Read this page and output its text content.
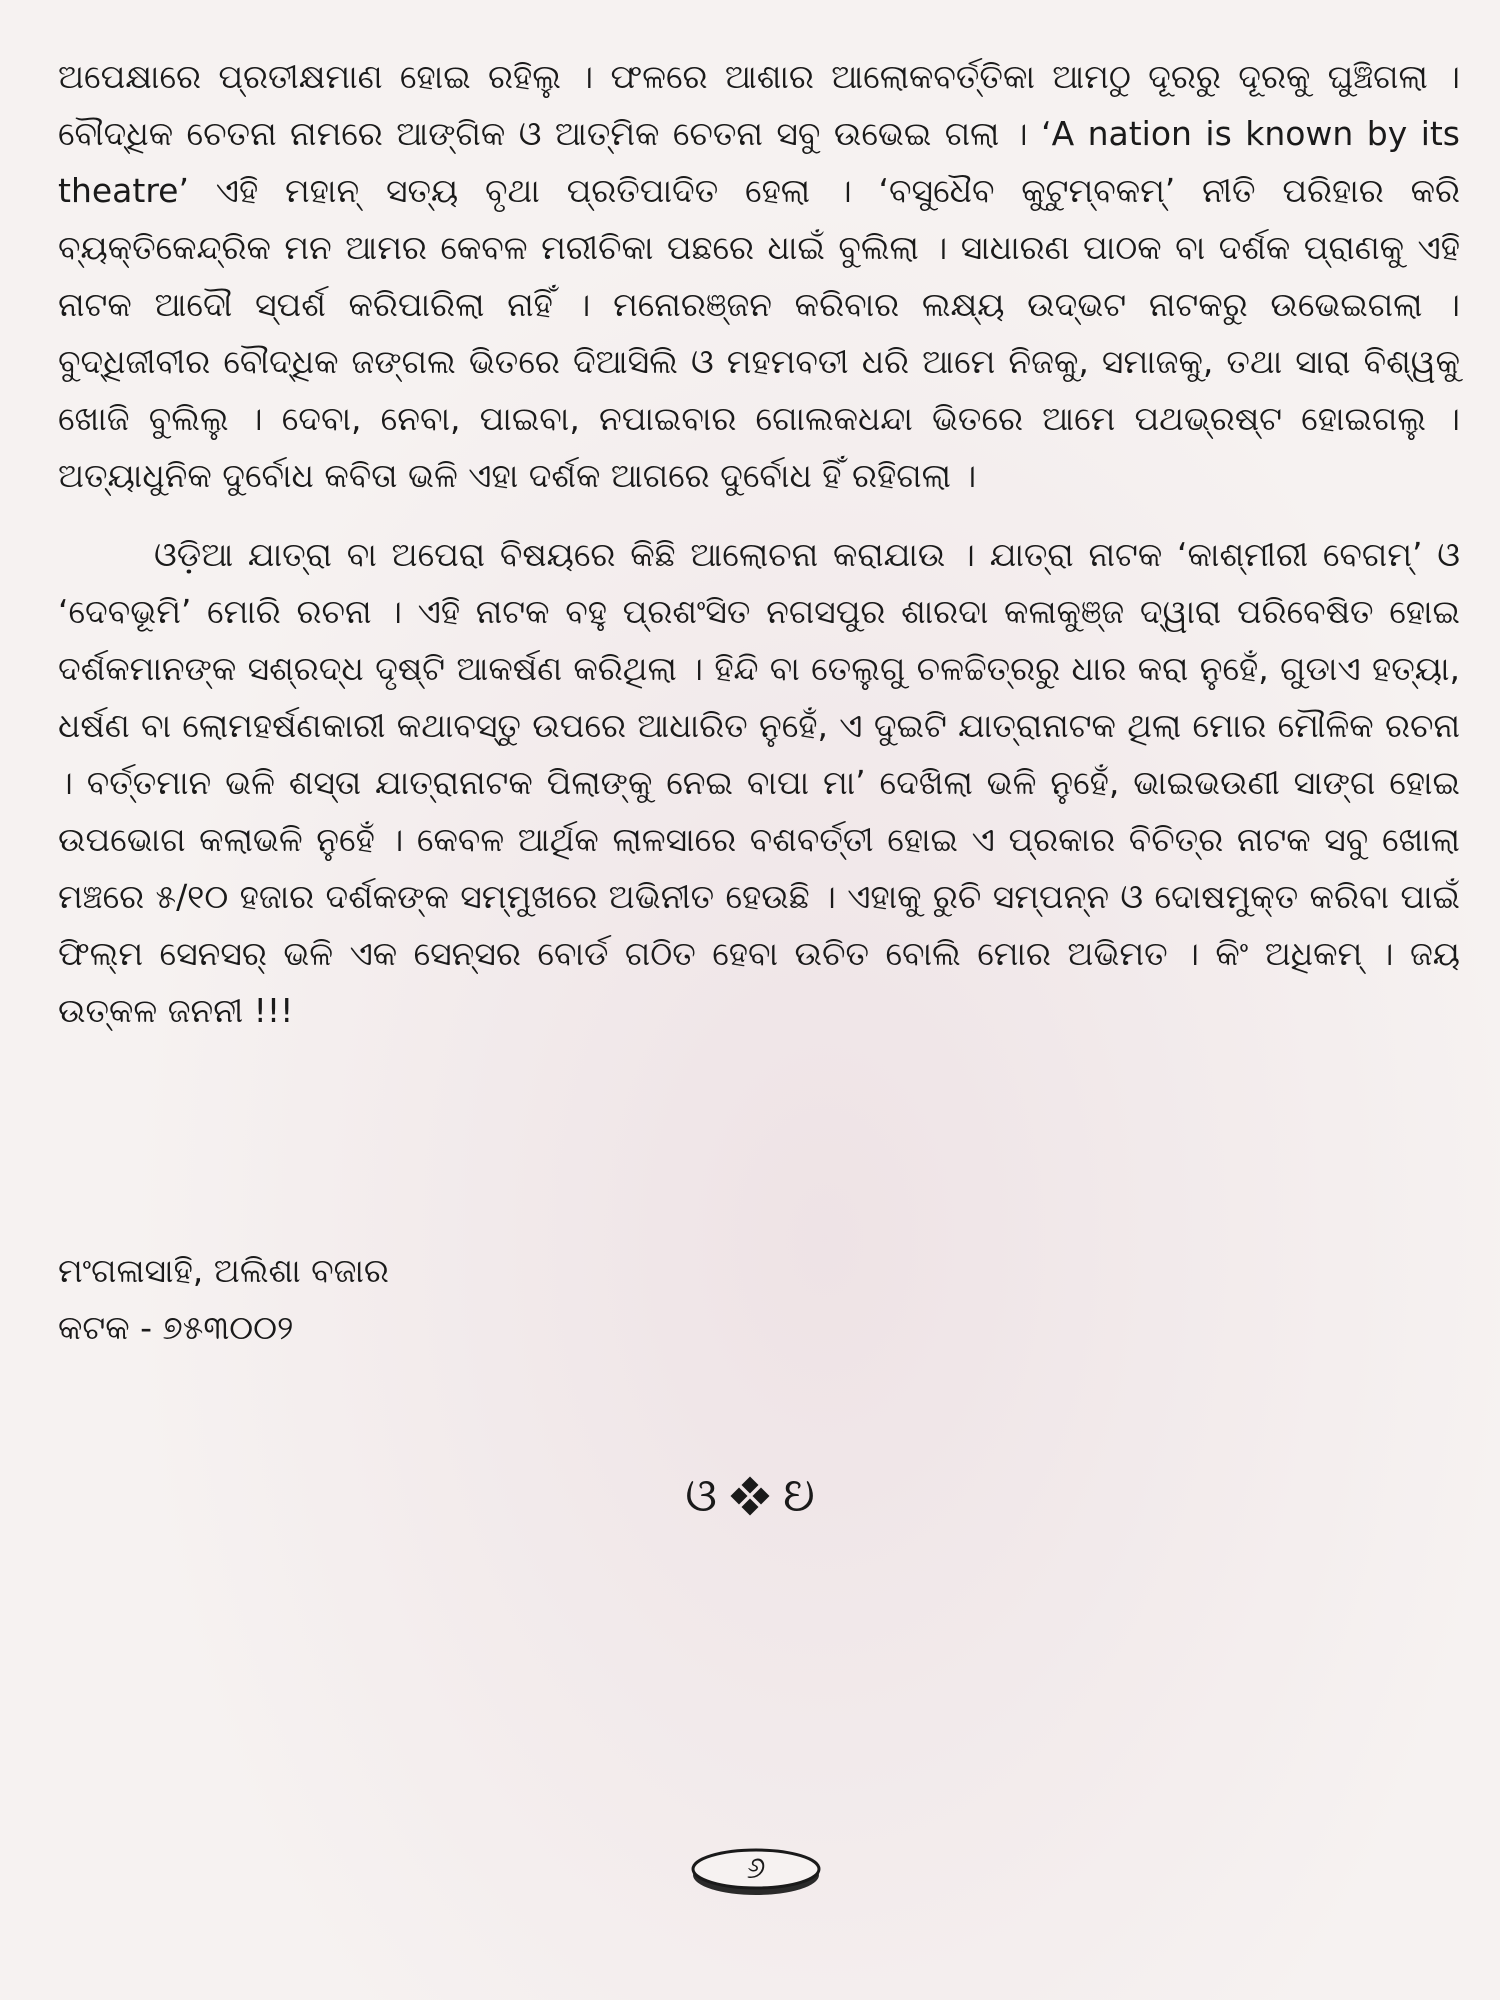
ଅପେକ୍ଷାରେ ପ୍ରତୀକ୍ଷମାଣ ହୋଇ ରହିଲୁ । ଫଳରେ ଆଶାର ଆଲୋକବର୍ତ୍ତିକା ଆମଠୁ ଦୂରରୁ ଦୂରକୁ ଘୁଞ୍ଚିଗଲା । ବୌଦ୍ଧିକ ଚେତନା ନାମରେ ଆଙ୍ଗିକ ଓ ଆତ୍ମିକ ଚେତନା ସବୁ ଉଭେଇ ଗଲା । ‘A nation is known by its theatre’ ଏହି ମହାନ୍ ସତ୍ୟ ବୃଥା ପ୍ରତିପାଦିତ ହେଲା । ‘ବସୁଧୈବ କୁଟୁମ୍ବକମ୍’ ନୀତି ପରିହାର କରି ବ୍ୟକ୍ତିକେନ୍ଦ୍ରିକ ମନ ଆମର କେବଳ ମରୀଚିକା ପଛରେ ଧାଇଁ ବୁଲିଲା । ସାଧାରଣ ପାଠକ ବା ଦର୍ଶକ ପ୍ରାଣକୁ ଏହି ନାଟକ ଆଦୌ ସ୍ପର୍ଶ କରିପାରିଲା ନାହିଁ । ମନୋରଞ୍ଜନ କରିବାର ଲକ୍ଷ୍ୟ ଉଦ୍ଭଟ ନାଟକରୁ ଉଭେଇଗଲା । ବୁଦ୍ଧିଜୀବୀର ବୌଦ୍ଧିକ ଜଙ୍ଗଲ ଭିତରେ ଦିଆସିଲି ଓ ମହମବତୀ ଧରି ଆମେ ନିଜକୁ, ସମାଜକୁ, ତଥା ସାରା ବିଶ୍ୱକୁ ଖୋଜି ବୁଲିଲୁ । ଦେବା, ନେବା, ପାଇବା, ନପାଇବାର ଗୋଲକଧନ୍ଦା ଭିତରେ ଆମେ ପଥଭ୍ରଷ୍ଟ ହୋଇଗଲୁ । ଅତ୍ୟାଧୁନିକ ଦୁର୍ବୋଧ କବିତା ଭଳି ଏହା ଦର୍ଶକ ଆଗରେ ଦୁର୍ବୋଧ ହିଁ ରହିଗଲା ।

ଓଡ଼ିଆ ଯାତ୍ରା ବା ଅପେରା ବିଷୟରେ କିଛି ଆଲୋଚନା କରାଯାଉ । ଯାତ୍ରା ନାଟକ ‘କାଶ୍ମୀରୀ ବେଗମ୍’ ଓ ‘ଦେବଭୂମି’ ମୋରି ରଚନା । ଏହି ନାଟକ ବହୁ ପ୍ରଶଂସିତ ନଗସପୁର ଶାରଦା କଳାକୁଞ୍ଜ ଦ୍ୱାରା ପରିବେଷିତ ହୋଇ ଦର୍ଶକମାନଙ୍କ ସଶ୍ରଦ୍ଧ ଦୃଷ୍ଟି ଆକର୍ଷଣ କରିଥିଲା । ହିନ୍ଦି ବା ତେଲୁଗୁ ଚଳଚ୍ଚିତ୍ରରୁ ଧାର କରା ନୁହେଁ, ଗୁଡାଏ ହତ୍ୟା, ଧର୍ଷଣ ବା ଲୋମହର୍ଷଣକାରୀ କଥାବସ୍ତୁ ଉପରେ ଆଧାରିତ ନୁହେଁ, ଏ ଦୁଇଟି ଯାତ୍ରାନାଟକ ଥିଲା ମୋର ମୌଳିକ ରଚନା । ବର୍ତ୍ତମାନ ଭଳି ଶସ୍ତା ଯାତ୍ରାନାଟକ ପିଲାଙ୍କୁ ନେଇ ବାପା ମା’ ଦେଖିଲା ଭଳି ନୁହେଁ, ଭାଇଭଉଣୀ ସାଙ୍ଗ ହୋଇ ଉପଭୋଗ କଲାଭଳି ନୁହେଁ । କେବଳ ଆର୍ଥିକ ଲାଳସାରେ ବଶବର୍ତ୍ତୀ ହୋଇ ଏ ପ୍ରକାର ବିଚିତ୍ର ନାଟକ ସବୁ ଖୋଲା ମଞ୍ଚରେ ୫/୧୦ ହଜାର ଦର୍ଶକଙ୍କ ସମ୍ମୁଖରେ ଅଭିନୀତ ହେଉଛି । ଏହାକୁ ରୁଚି ସମ୍ପନ୍ନ ଓ ଦୋଷମୁକ୍ତ କରିବା ପାଇଁ ଫିଲ୍ମ ସେନସର୍ ଭଳି ଏକ ସେନ୍‌ସର ବୋର୍ଡ ଗଠିତ ହେବା ଉଚିତ ବୋଲି ମୋର ଅଭିମତ । କିଂ ଅଧିକମ୍ । ଜୟ ଉତ୍କଳ ଜନନୀ !!!

ମଂଗଳାସାହି, ଅଲିଶା ବଜାର
କଟକ - ୭୫୩୦୦୨
ଓ ଓ
୬
